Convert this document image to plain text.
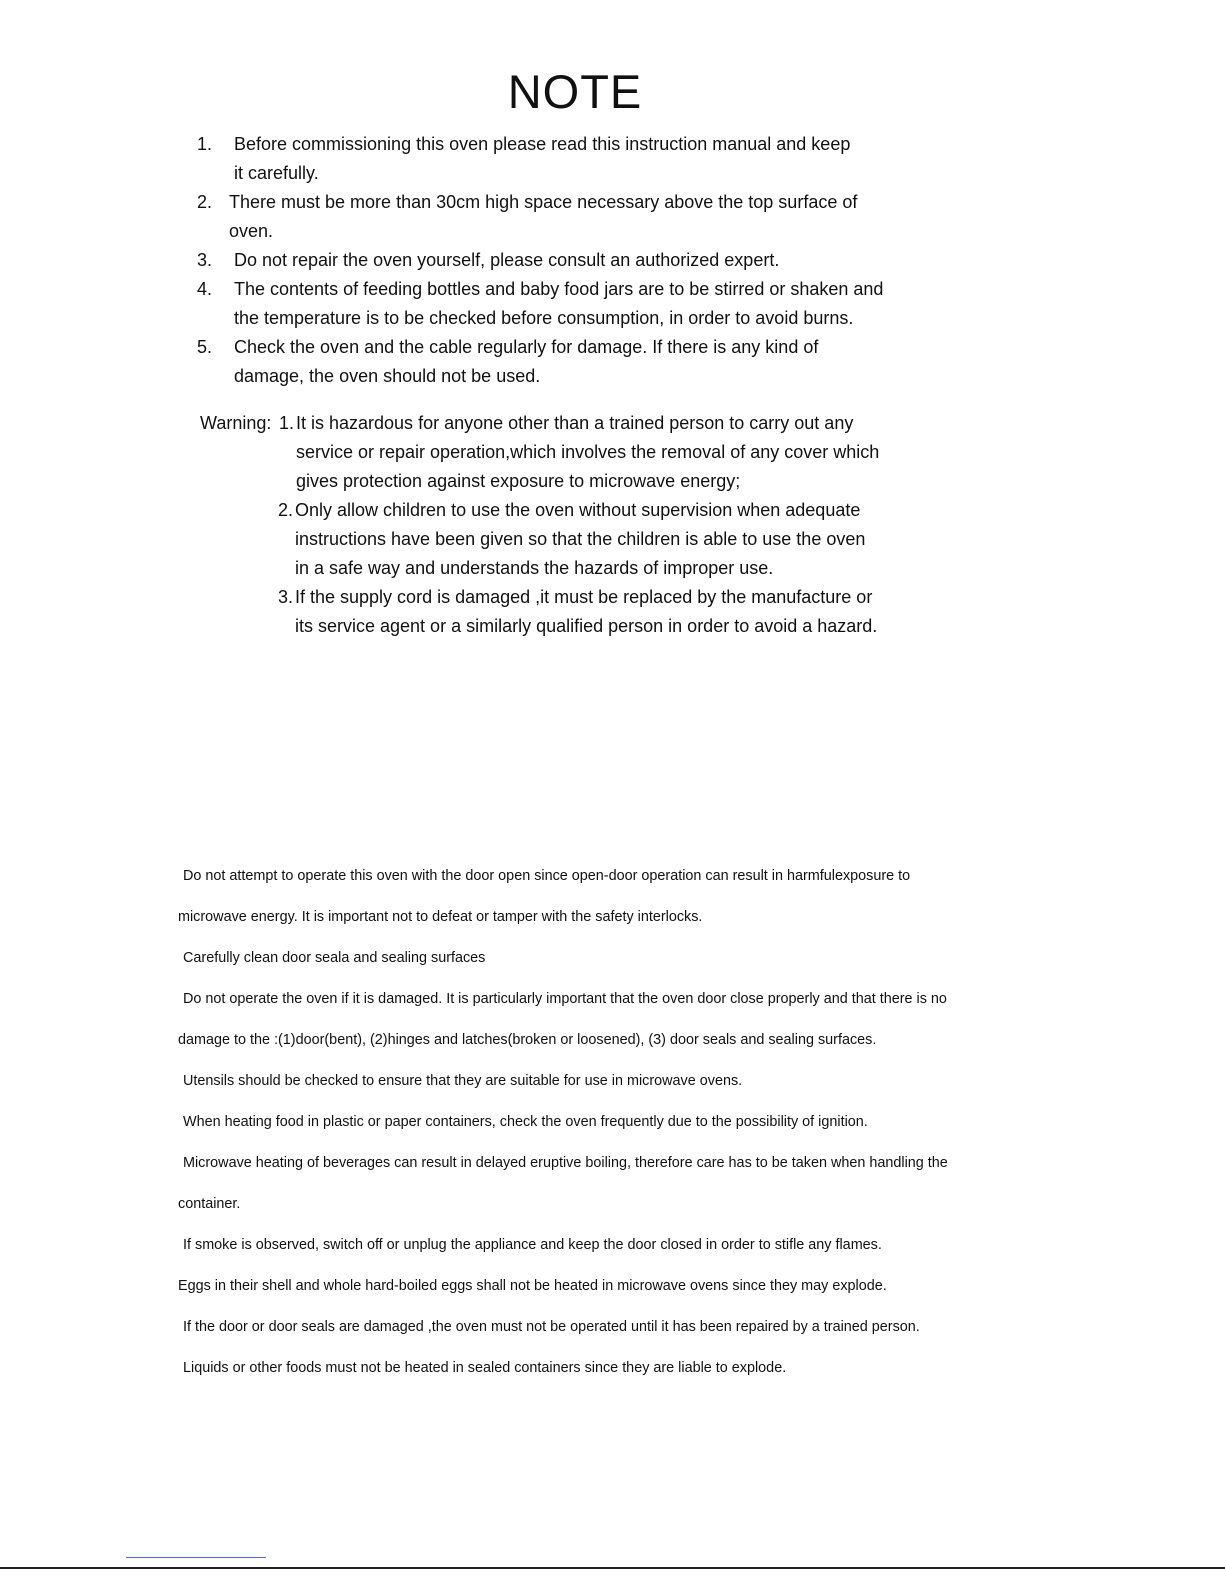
NOTE
1.	Before commissioning this oven please read this instruction manual and keep
it carefully.
2. There must be more than 30cm high space necessary above the top surface of
oven.
3.	Do not repair the oven yourself, please consult an authorized expert.
4.	The contents of feeding bottles and baby food jars are to be stirred or shaken and
the temperature is to be checked before consumption, in order to avoid burns.
5.	Check the oven and the cable regularly for damage. If there is any kind of
damage, the oven should not be used.
Warning: 1. It is hazardous for anyone other than a trained person to carry out any
service or repair operation,which involves the removal of any cover which
gives protection against exposure to microwave energy;
2. Only allow children to use the oven without supervision when adequate
instructions have been given so that the children is able to use the oven
in a safe way and understands the hazards of improper use.
3. If the supply cord is damaged ,it must be replaced by the manufacture or
its service agent or a similarly qualified person in order to avoid a hazard.
Do not attempt to operate this oven with the door open since open-door operation can result in harmfulexposure to
microwave energy. It is important not to defeat or tamper with the safety interlocks.
Carefully clean door seala and sealing surfaces
Do not operate the oven if it is damaged. It is particularly important that the oven door close properly and that there is no
damage to the :(1)door(bent), (2)hinges and latches(broken or loosened), (3) door seals and sealing surfaces.
Utensils should be checked to ensure that they are suitable for use in microwave ovens.
When heating food in plastic or paper containers, check the oven frequently due to the possibility of ignition.
Microwave heating of beverages can result in delayed eruptive boiling, therefore care has to be taken when handling the
container.
If smoke is observed, switch off or unplug the appliance and keep the door closed in order to stifle any flames.
Eggs in their shell and whole hard-boiled eggs shall not be heated in microwave ovens since they may explode.
If the door or door seals are damaged ,the oven must not be operated until it has been repaired by a trained person.
Liquids or other foods must not be heated in sealed containers since they are liable to explode.
